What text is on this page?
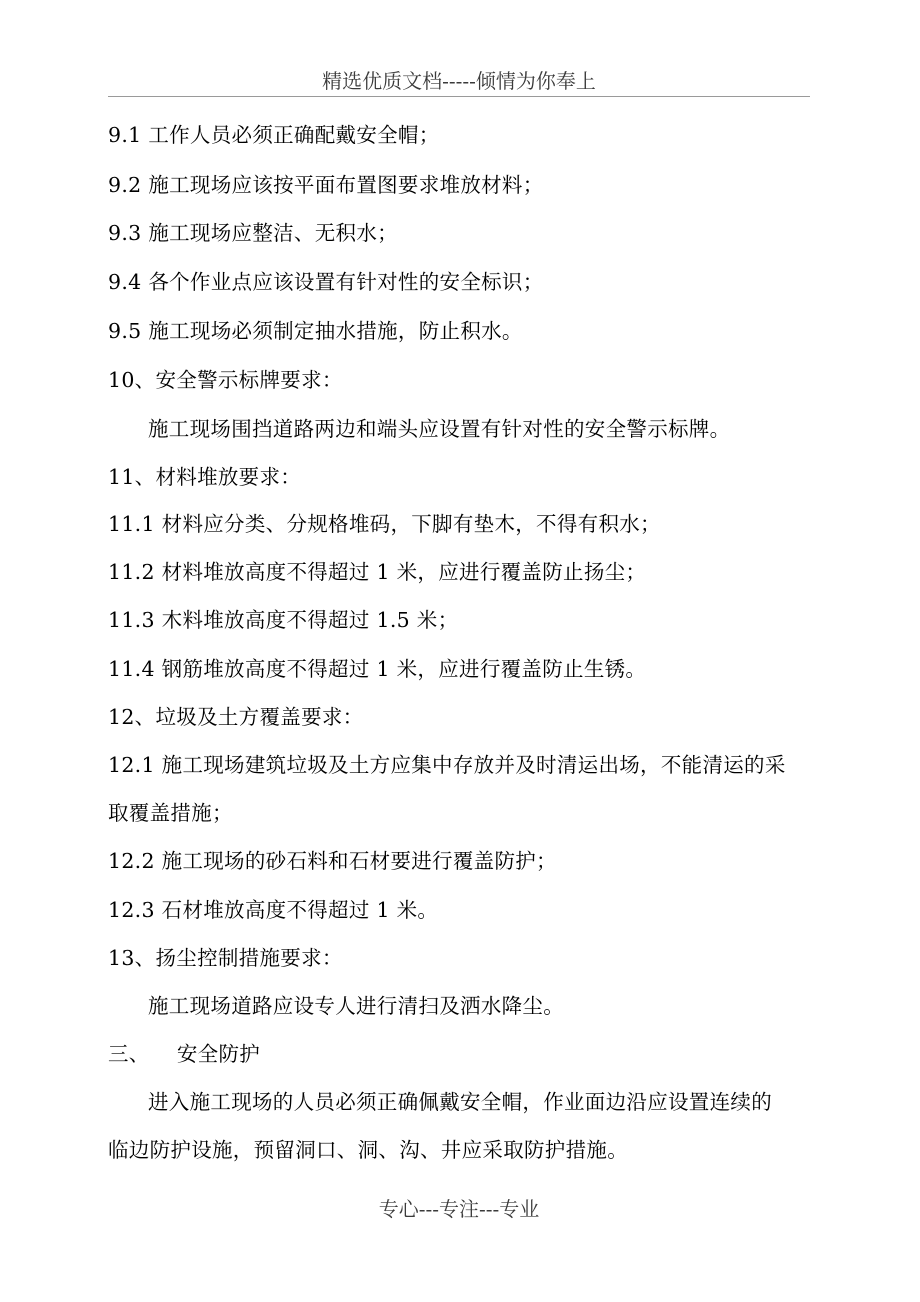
精选优质文档-----倾情为你奉上
9.1 工作人员必须正确配戴安全帽；
9.2 施工现场应该按平面布置图要求堆放材料；
9.3 施工现场应整洁、无积水；
9.4 各个作业点应该设置有针对性的安全标识；
9.5 施工现场必须制定抽水措施，防止积水。
10、安全警示标牌要求：
施工现场围挡道路两边和端头应设置有针对性的安全警示标牌。
11、材料堆放要求：
11.1 材料应分类、分规格堆码，下脚有垫木，不得有积水；
11.2 材料堆放高度不得超过 1 米，应进行覆盖防止扬尘；
11.3 木料堆放高度不得超过 1.5 米；
11.4 钢筋堆放高度不得超过 1 米，应进行覆盖防止生锈。
12、垃圾及土方覆盖要求：
12.1 施工现场建筑垃圾及土方应集中存放并及时清运出场，不能清运的采
取覆盖措施；
12.2 施工现场的砂石料和石材要进行覆盖防护；
12.3 石材堆放高度不得超过 1 米。
13、扬尘控制措施要求：
施工现场道路应设专人进行清扫及洒水降尘。
三、    安全防护
进入施工现场的人员必须正确佩戴安全帽，作业面边沿应设置连续的
临边防护设施，预留洞口、洞、沟、井应采取防护措施。
专心---专注---专业
